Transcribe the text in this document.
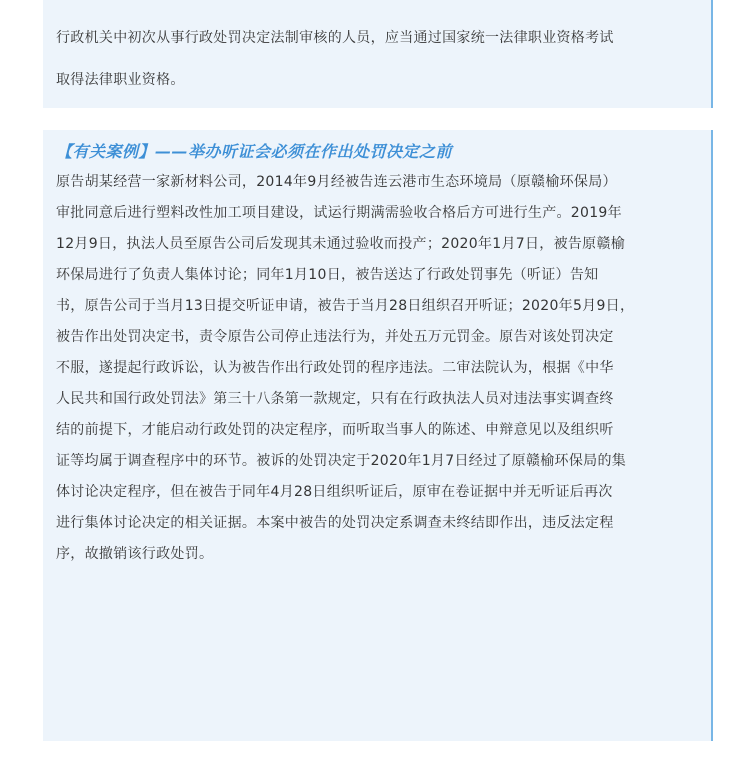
行政机关中初次从事行政处罚决定法制审核的人员，应当通过国家统一法律职业资格考试
取得法律职业资格。

【有关案例】——举办听证会必须在作出处罚决定之前

原告胡某经营一家新材料公司，2014年9月经被告连云港市生态环境局（原赣榆环保局）
审批同意后进行塑料改性加工项目建设，试运行期满需验收合格后方可进行生产。2019年
12月9日，执法人员至原告公司后发现其未通过验收而投产；2020年1月7日，被告原赣榆
环保局进行了负责人集体讨论；同年1月10日，被告送达了行政处罚事先（听证）告知
书，原告公司于当月13日提交听证申请，被告于当月28日组织召开听证；2020年5月9日，
被告作出处罚决定书，责令原告公司停止违法行为，并处五万元罚金。原告对该处罚决定
不服，遂提起行政诉讼，认为被告作出行政处罚的程序违法。二审法院认为，根据《中华
人民共和国行政处罚法》第三十八条第一款规定，只有在行政执法人员对违法事实调查终
结的前提下，才能启动行政处罚的决定程序，而听取当事人的陈述、申辩意见以及组织听
证等均属于调查程序中的环节。被诉的处罚决定于2020年1月7日经过了原赣榆环保局的集
体讨论决定程序，但在被告于同年4月28日组织听证后，原审在卷证据中并无听证后再次
进行集体讨论决定的相关证据。本案中被告的处罚决定系调查未终结即作出，违反法定程
序，故撤销该行政处罚。
